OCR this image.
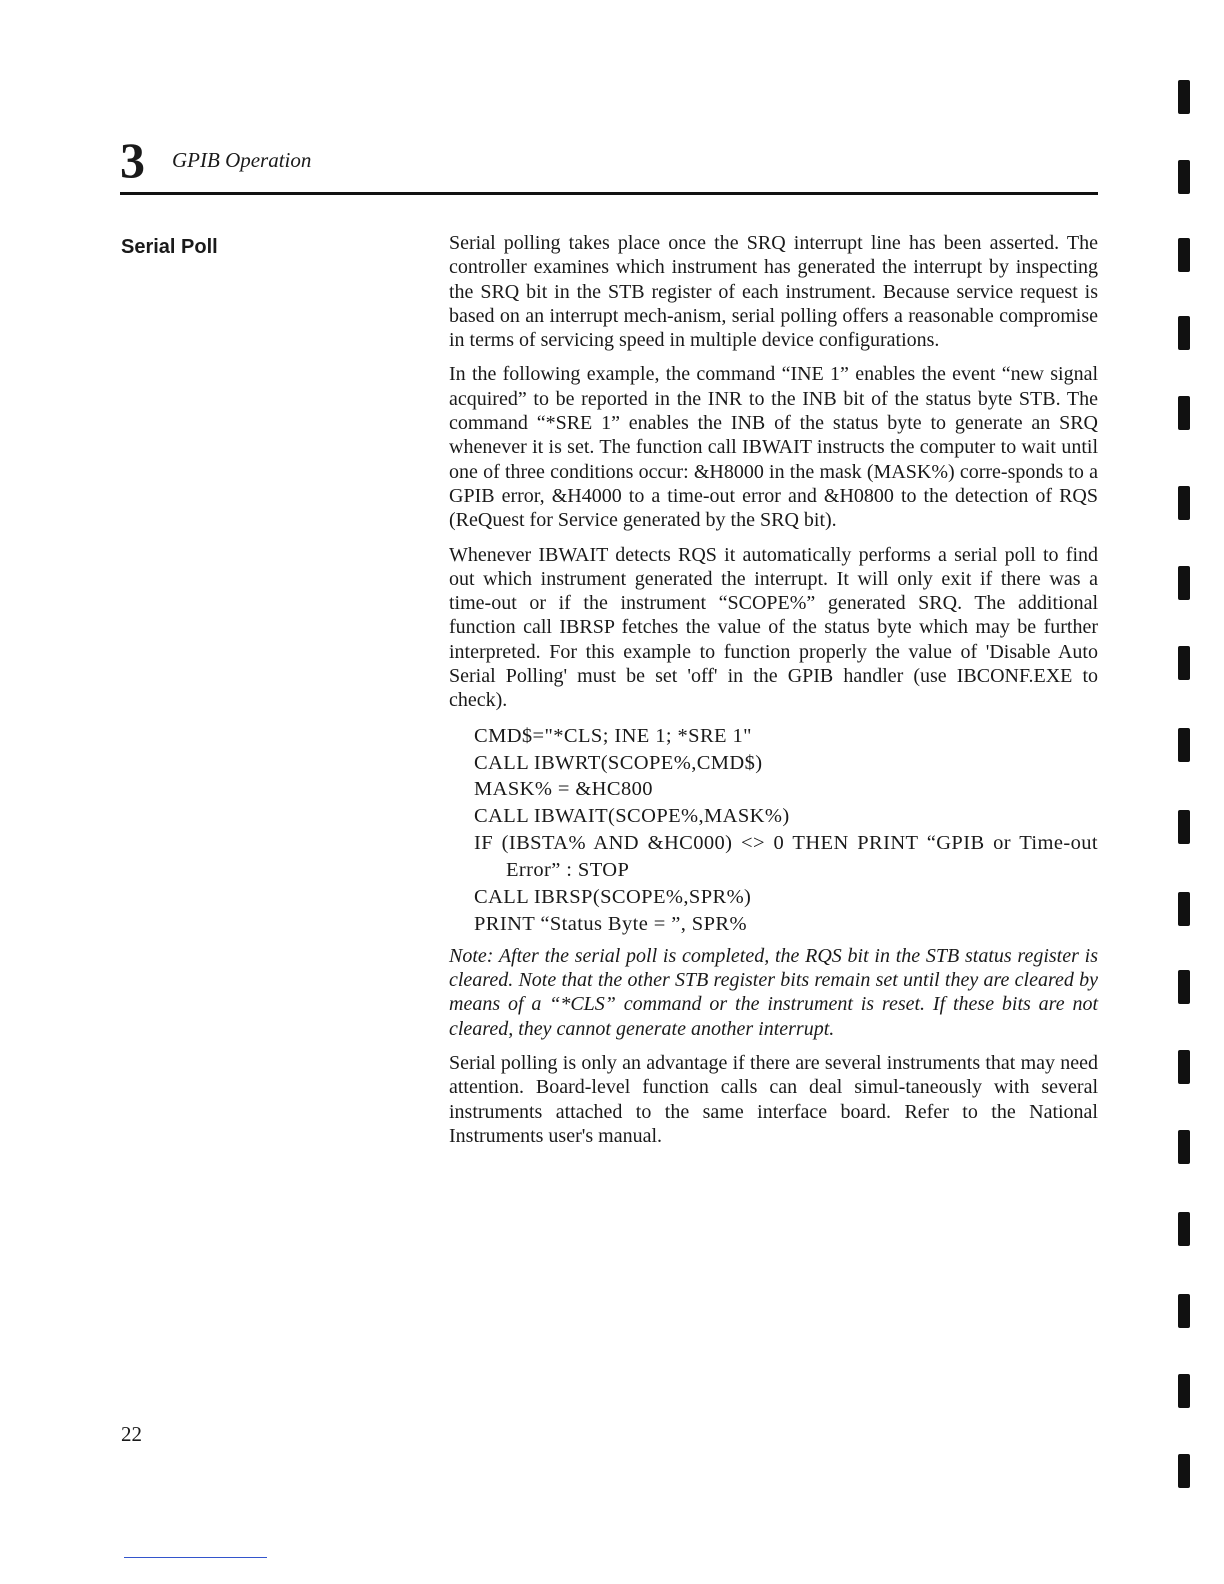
3 GPIB Operation
Serial Poll	Serial polling takes place once the SRQ interrupt line has been asserted. The controller examines which instrument has generated the interrupt by inspecting the SRQ bit in the STB register of each instrument. Because service request is based on an interrupt mech-anism, serial polling offers a reasonable compromise in terms of servicing speed in multiple device configurations.

In the following example, the command “INE 1” enables the event “new signal acquired” to be reported in the INR to the INB bit of the status byte STB. The command “*SRE 1” enables the INB of the status byte to generate an SRQ whenever it is set. The function call IBWAIT instructs the computer to wait until one of three conditions occur: &H8000 in the mask (MASK%) corre-sponds to a GPIB error, &H4000 to a time-out error and &H0800 to the detection of RQS (ReQuest for Service generated by the SRQ bit).

Whenever IBWAIT detects RQS it automatically performs a serial poll to find out which instrument generated the interrupt. It will only exit if there was a time-out or if the instrument “SCOPE%” generated SRQ. The additional function call IBRSP fetches the value of the status byte which may be further interpreted. For this example to function properly the value of 'Disable Auto Serial Polling' must be set 'off' in the GPIB handler (use IBCONF.EXE to check).

CMD$="*CLS; INE 1; *SRE 1"
CALL IBWRT(SCOPE%,CMD$)
MASK% = &HC800
CALL IBWAIT(SCOPE%,MASK%)
IF (IBSTA% AND &HC000) <> 0 THEN PRINT “GPIB or Time-out Error” : STOP
CALL IBRSP(SCOPE%,SPR%)
PRINT “Status Byte = ”, SPR%

Note: After the serial poll is completed, the RQS bit in the STB status register is cleared. Note that the other STB register bits remain set until they are cleared by means of a “*CLS” command or the instrument is reset. If these bits are not cleared, they cannot generate another interrupt.

Serial polling is only an advantage if there are several instruments that may need attention. Board-level function calls can deal simul-taneously with several instruments attached to the same interface board. Refer to the National Instruments user's manual.

22
